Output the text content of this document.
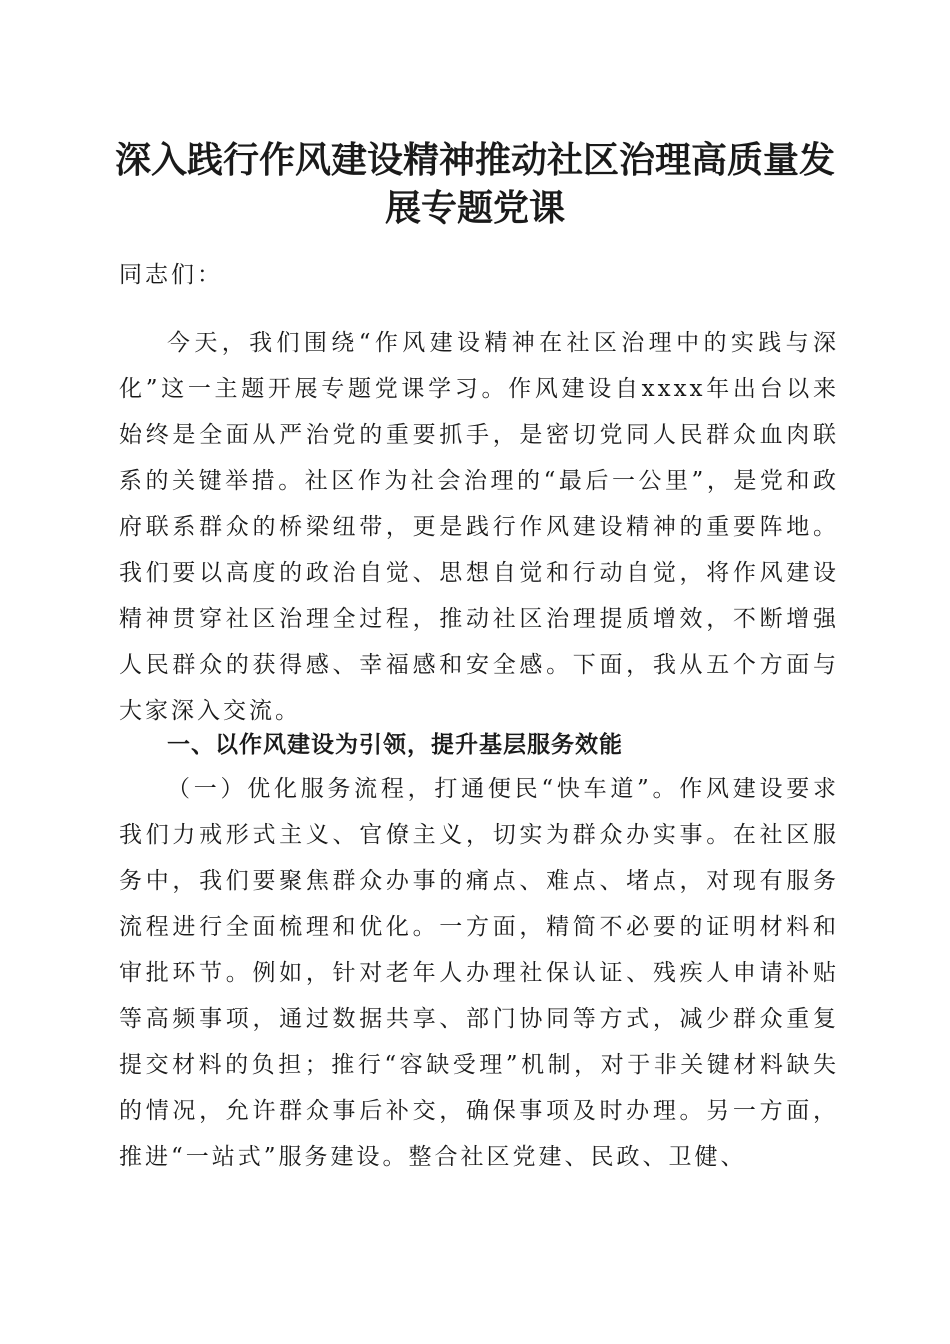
深入践行作风建设精神推动社区治理高质量发
展专题党课

同志们：

今天，我们围绕“作风建设精神在社区治理中的实践与深化”这一主题开展专题党课学习。作风建设自xxxx年出台以来始终是全面从严治党的重要抓手，是密切党同人民群众血肉联系的关键举措。社区作为社会治理的“最后一公里”，是党和政府联系群众的桥梁纽带，更是践行作风建设精神的重要阵地。我们要以高度的政治自觉、思想自觉和行动自觉，将作风建设精神贯穿社区治理全过程，推动社区治理提质增效，不断增强人民群众的获得感、幸福感和安全感。下面，我从五个方面与大家深入交流。

一、以作风建设为引领，提升基层服务效能

（一）优化服务流程，打通便民“快车道”。作风建设要求我们力戒形式主义、官僚主义，切实为群众办实事。在社区服务中，我们要聚焦群众办事的痛点、难点、堵点，对现有服务流程进行全面梳理和优化。一方面，精简不必要的证明材料和审批环节。例如，针对老年人办理社保认证、残疾人申请补贴等高频事项，通过数据共享、部门协同等方式，减少群众重复提交材料的负担；推行“容缺受理”机制，对于非关键材料缺失的情况，允许群众事后补交，确保事项及时办理。另一方面，推进“一站式”服务建设。整合社区党建、民政、卫健、
